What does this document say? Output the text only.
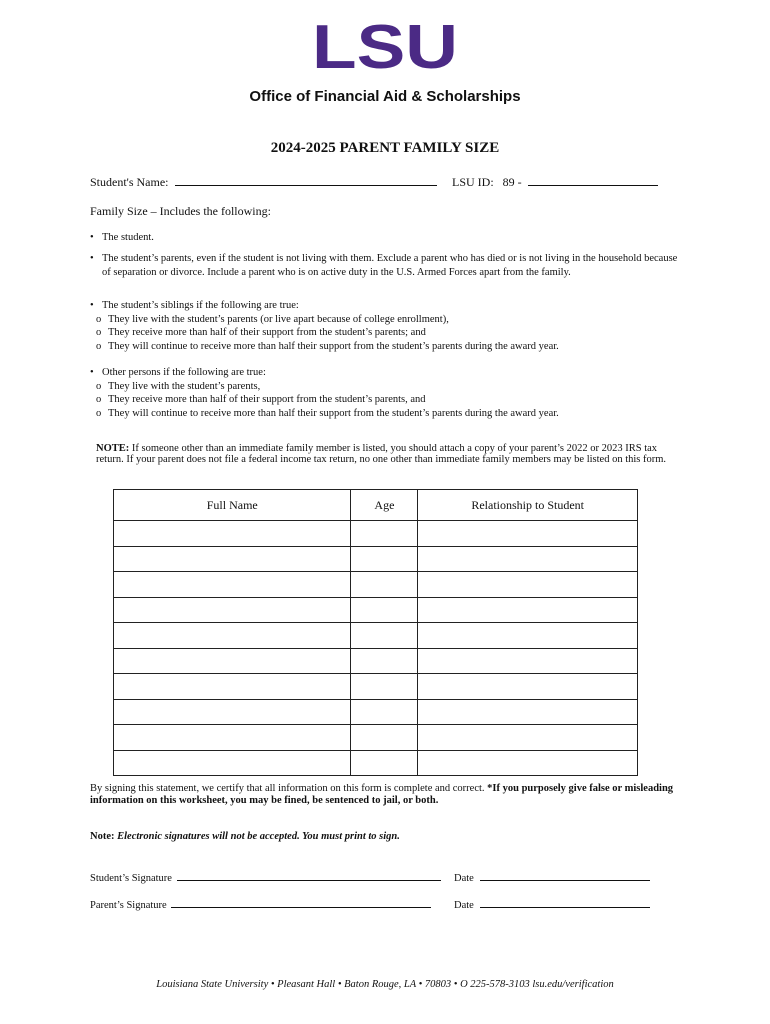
LSU
Office of Financial Aid & Scholarships
2024-2025 PARENT FAMILY SIZE
Student's Name:	LSU ID: 89 -
Family Size – Includes the following:
• The student.
• The student’s parents, even if the student is not living with them. Exclude a parent who has died or is not living in the household because of separation or divorce. Include a parent who is on active duty in the U.S. Armed Forces apart from the family.
• The student’s siblings if the following are true:
o They live with the student’s parents (or live apart because of college enrollment),
o They receive more than half of their support from the student’s parents; and
o They will continue to receive more than half their support from the student’s parents during the award year.
• Other persons if the following are true:
o They live with the student’s parents,
o They receive more than half of their support from the student’s parents, and
o They will continue to receive more than half their support from the student’s parents during the award year.
NOTE: If someone other than an immediate family member is listed, you should attach a copy of your parent’s 2022 or 2023 IRS tax return. If your parent does not file a federal income tax return, no one other than immediate family members may be listed on this form.
Full Name	Age	Relationship to Student

By signing this statement, we certify that all information on this form is complete and correct. *If you purposely give false or misleading information on this worksheet, you may be fined, be sentenced to jail, or both.
Note: Electronic signatures will not be accepted. You must print to sign.
Student’s Signature	Date
Parent’s Signature	Date
Louisiana State University • Pleasant Hall • Baton Rouge, LA • 70803 • O 225-578-3103 lsu.edu/verification
